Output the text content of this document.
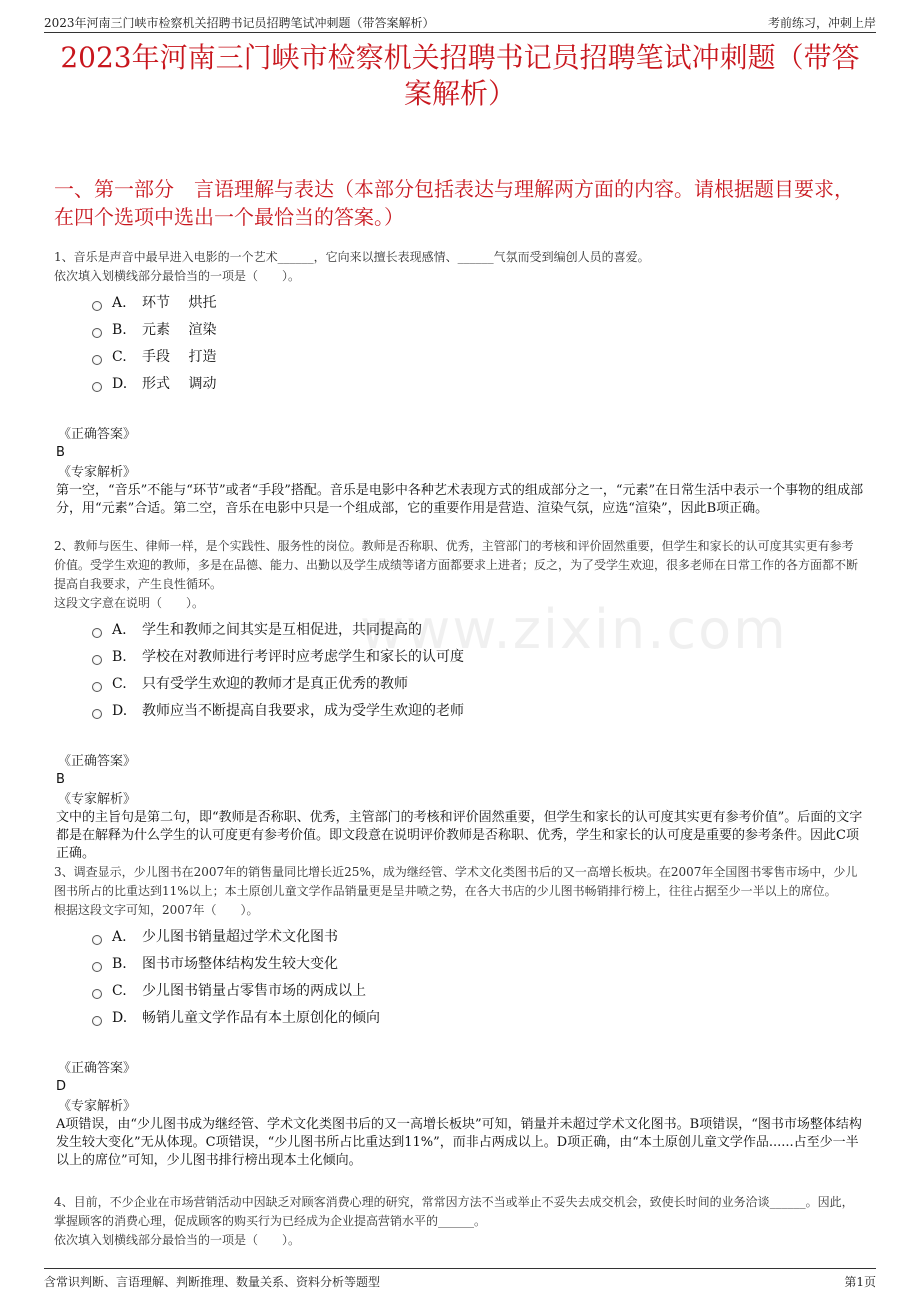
2023年河南三门峡市检察机关招聘书记员招聘笔试冲刺题（带答案解析）	考前练习，冲刺上岸
2023年河南三门峡市检察机关招聘书记员招聘笔试冲刺题（带答案解析）
一、第一部分　言语理解与表达（本部分包括表达与理解两方面的内容。请根据题目要求，在四个选项中选出一个最恰当的答案。）
www.zixin.com

1、音乐是声音中最早进入电影的一个艺术______，它向来以擅长表现感情、______气氛而受到编创人员的喜爱。

依次填入划横线部分最恰当的一项是（　　）。

A.	环节　 烘托
B.	元素　 渲染
C.	手段　 打造
D.	形式　 调动

《正确答案》

B

《专家解析》

第一空，“音乐”不能与“环节”或者“手段”搭配。音乐是电影中各种艺术表现方式的组成部分之一，“元素”在日常生活中表示一个事物的组成部分，用“元素”合适。第二空，音乐在电影中只是一个组成部，它的重要作用是营造、渲染气氛，应选“渲染”，因此B项正确。

2、教师与医生、律师一样，是个实践性、服务性的岗位。教师是否称职、优秀，主管部门的考核和评价固然重要，但学生和家长的认可度其实更有参考价值。受学生欢迎的教师，多是在品德、能力、出勤以及学生成绩等诸方面都要求上进者；反之，为了受学生欢迎，很多老师在日常工作的各方面都不断提高自我要求，产生良性循环。

这段文字意在说明（　　）。

A.	学生和教师之间其实是互相促进，共同提高的
B.	学校在对教师进行考评时应考虑学生和家长的认可度
C.	只有受学生欢迎的教师才是真正优秀的教师
D.	教师应当不断提高自我要求，成为受学生欢迎的老师

《正确答案》

B

《专家解析》

文中的主旨句是第二句，即“教师是否称职、优秀，主管部门的考核和评价固然重要，但学生和家长的认可度其实更有参考价值”。后面的文字都是在解释为什么学生的认可度更有参考价值。即文段意在说明评价教师是否称职、优秀，学生和家长的认可度是重要的参考条件。因此C项正确。

3、调查显示，少儿图书在2007年的销售量同比增长近25%，成为继经管、学术文化类图书后的又一高增长板块。在2007年全国图书零售市场中，少儿图书所占的比重达到11%以上；本土原创儿童文学作品销量更是呈井喷之势，在各大书店的少儿图书畅销排行榜上，往往占据至少一半以上的席位。

根据这段文字可知，2007年（　　）。

A.	少儿图书销量超过学术文化图书
B.	图书市场整体结构发生较大变化
C.	少儿图书销量占零售市场的两成以上
D.	畅销儿童文学作品有本土原创化的倾向

《正确答案》

D

《专家解析》

A项错误，由“少儿图书成为继经管、学术文化类图书后的又一高增长板块”可知，销量并未超过学术文化图书。B项错误，“图书市场整体结构发生较大变化”无从体现。C项错误，“少儿图书所占比重达到11%”，而非占两成以上。D项正确，由“本土原创儿童文学作品......占至少一半以上的席位”可知，少儿图书排行榜出现本土化倾向。

4、目前，不少企业在市场营销活动中因缺乏对顾客消费心理的研究，常常因方法不当或举止不妥失去成交机会，致使长时间的业务洽谈______。因此，掌握顾客的消费心理，促成顾客的购买行为已经成为企业提高营销水平的______。

依次填入划横线部分最恰当的一项是（　　）。

含常识判断、言语理解、判断推理、数量关系、资料分析等题型	第1页
